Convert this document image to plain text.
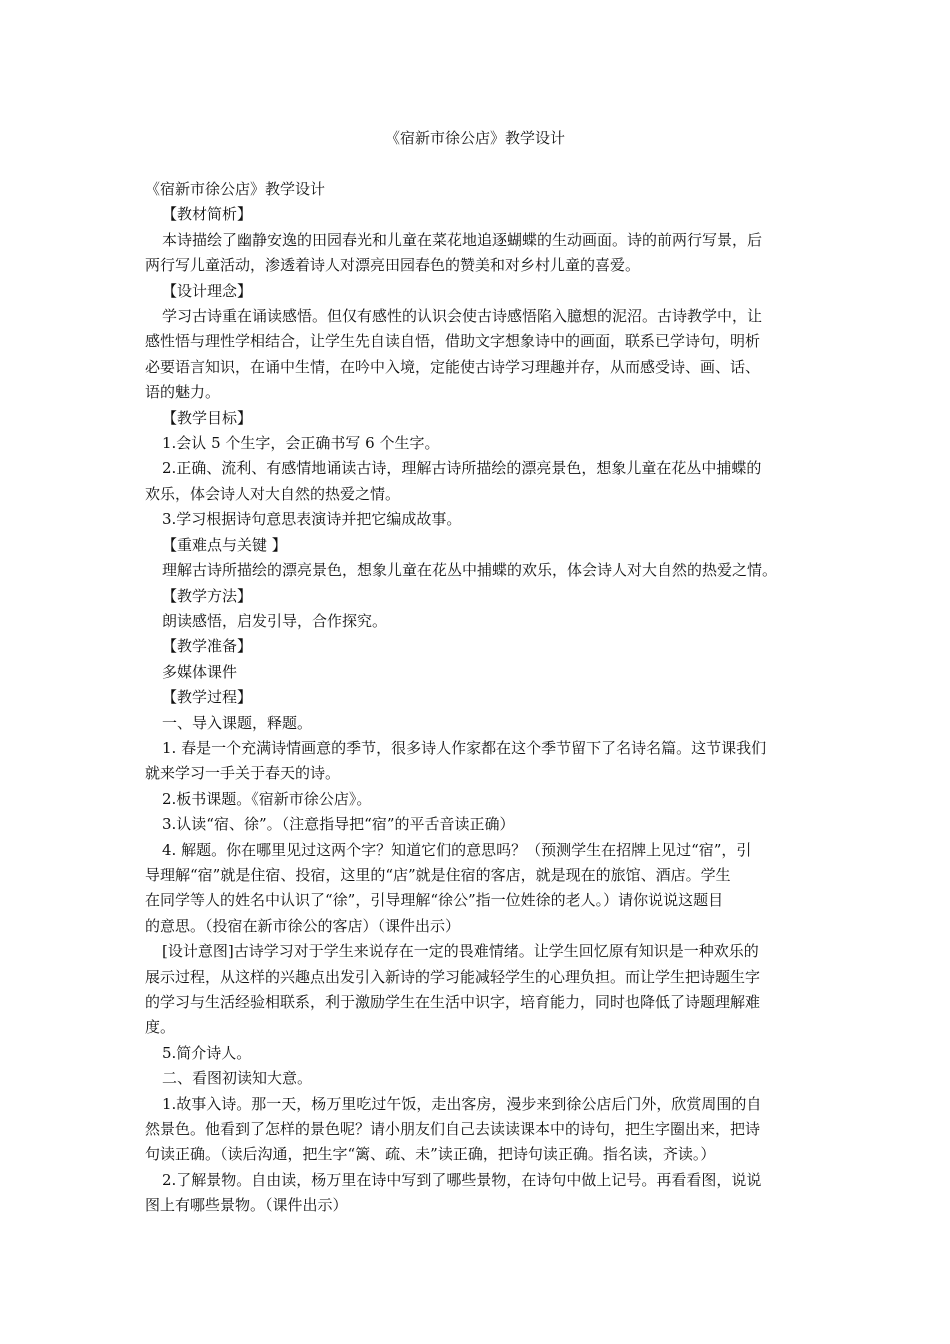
《宿新市徐公店》教学设计
《宿新市徐公店》教学设计
【教材简析】
本诗描绘了幽静安逸的田园春光和儿童在菜花地追逐蝴蝶的生动画面。诗的前两行写景，后
两行写儿童活动，渗透着诗人对漂亮田园春色的赞美和对乡村儿童的喜爱。
【设计理念】
学习古诗重在诵读感悟。但仅有感性的认识会使古诗感悟陷入臆想的泥沼。古诗教学中，让
感性悟与理性学相结合，让学生先自读自悟，借助文字想象诗中的画面，联系已学诗句，明析
必要语言知识，在诵中生情，在吟中入境，定能使古诗学习理趣并存，从而感受诗、画、话、
语的魅力。
【教学目标】
1.会认 5 个生字，会正确书写 6 个生字。
2.正确、流利、有感情地诵读古诗，理解古诗所描绘的漂亮景色，想象儿童在花丛中捕蝶的
欢乐，体会诗人对大自然的热爱之情。
3.学习根据诗句意思表演诗并把它编成故事。
【重难点与关键 】
理解古诗所描绘的漂亮景色，想象儿童在花丛中捕蝶的欢乐，体会诗人对大自然的热爱之情。
【教学方法】
朗读感悟，启发引导，合作探究。
【教学准备】
多媒体课件
【教学过程】
一、导入课题，释题。
1. 春是一个充满诗情画意的季节，很多诗人作家都在这个季节留下了名诗名篇。这节课我们
就来学习一手关于春天的诗。
2.板书课题。《宿新市徐公店》。
3.认读“宿、徐”。（注意指导把“宿”的平舌音读正确）
4. 解题。你在哪里见过这两个字？知道它们的意思吗？（预测学生在招牌上见过“宿”，引
导理解“宿”就是住宿、投宿，这里的“店”就是住宿的客店，就是现在的旅馆、酒店。学生
在同学等人的姓名中认识了“徐”，引导理解“徐公”指一位姓徐的老人。）请你说说这题目
的意思。（投宿在新市徐公的客店）（课件出示）
[设计意图]古诗学习对于学生来说存在一定的畏难情绪。让学生回忆原有知识是一种欢乐的
展示过程，从这样的兴趣点出发引入新诗的学习能减轻学生的心理负担。而让学生把诗题生字
的学习与生活经验相联系，利于激励学生在生活中识字，培育能力，同时也降低了诗题理解难
度。
5.简介诗人。
二、看图初读知大意。
1.故事入诗。那一天，杨万里吃过午饭，走出客房，漫步来到徐公店后门外，欣赏周围的自
然景色。他看到了怎样的景色呢？请小朋友们自己去读读课本中的诗句，把生字圈出来，把诗
句读正确。（读后沟通，把生字“篱、疏、未”读正确，把诗句读正确。指名读，齐读。）
2.了解景物。自由读，杨万里在诗中写到了哪些景物，在诗句中做上记号。再看看图，说说
图上有哪些景物。（课件出示）
